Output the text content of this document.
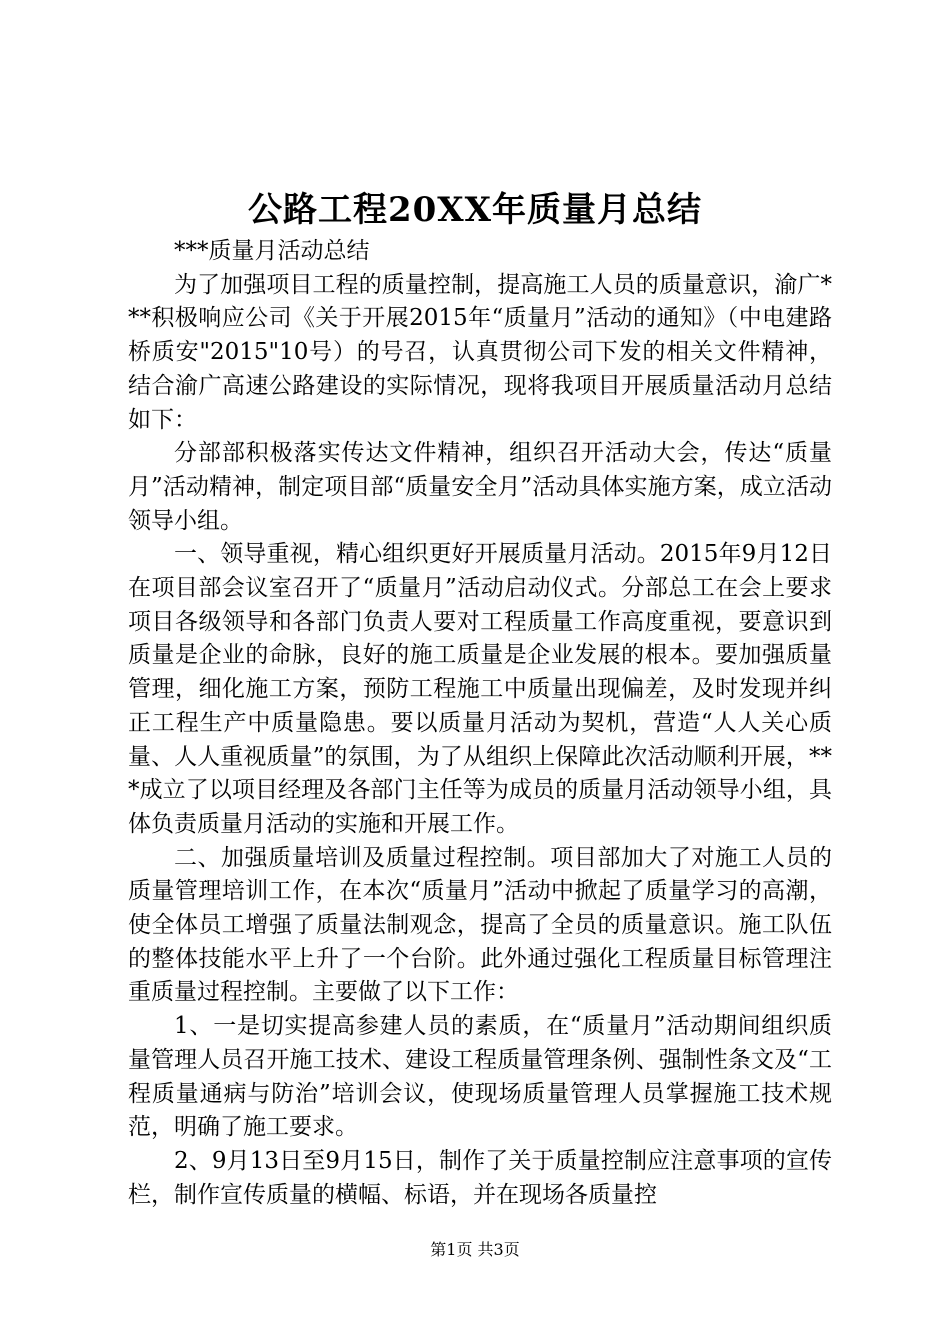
公路工程20XX年质量月总结

***质量月活动总结

为了加强项目工程的质量控制，提高施工人员的质量意识，渝广***积极响应公司《关于开展2015年“质量月”活动的通知》（中电建路桥质安"2015"10号）的号召，认真贯彻公司下发的相关文件精神，结合渝广高速公路建设的实际情况，现将我项目开展质量活动月总结如下：

分部部积极落实传达文件精神，组织召开活动大会，传达“质量月”活动精神，制定项目部“质量安全月”活动具体实施方案，成立活动领导小组。

一、领导重视，精心组织更好开展质量月活动。2015年9月12日在项目部会议室召开了“质量月”活动启动仪式。分部总工在会上要求项目各级领导和各部门负责人要对工程质量工作高度重视，要意识到质量是企业的命脉，良好的施工质量是企业发展的根本。要加强质量管理，细化施工方案，预防工程施工中质量出现偏差，及时发现并纠正工程生产中质量隐患。要以质量月活动为契机，营造“人人关心质量、人人重视质量”的氛围，为了从组织上保障此次活动顺利开展，***成立了以项目经理及各部门主任等为成员的质量月活动领导小组，具体负责质量月活动的实施和开展工作。

二、加强质量培训及质量过程控制。项目部加大了对施工人员的质量管理培训工作，在本次“质量月”活动中掀起了质量学习的高潮，使全体员工增强了质量法制观念，提高了全员的质量意识。施工队伍的整体技能水平上升了一个台阶。此外通过强化工程质量目标管理注重质量过程控制。主要做了以下工作：

1、一是切实提高参建人员的素质，在“质量月”活动期间组织质量管理人员召开施工技术、建设工程质量管理条例、强制性条文及“工程质量通病与防治”培训会议，使现场质量管理人员掌握施工技术规范，明确了施工要求。

2、9月13日至9月15日，制作了关于质量控制应注意事项的宣传栏，制作宣传质量的横幅、标语，并在现场各质量控

第1页 共3页
